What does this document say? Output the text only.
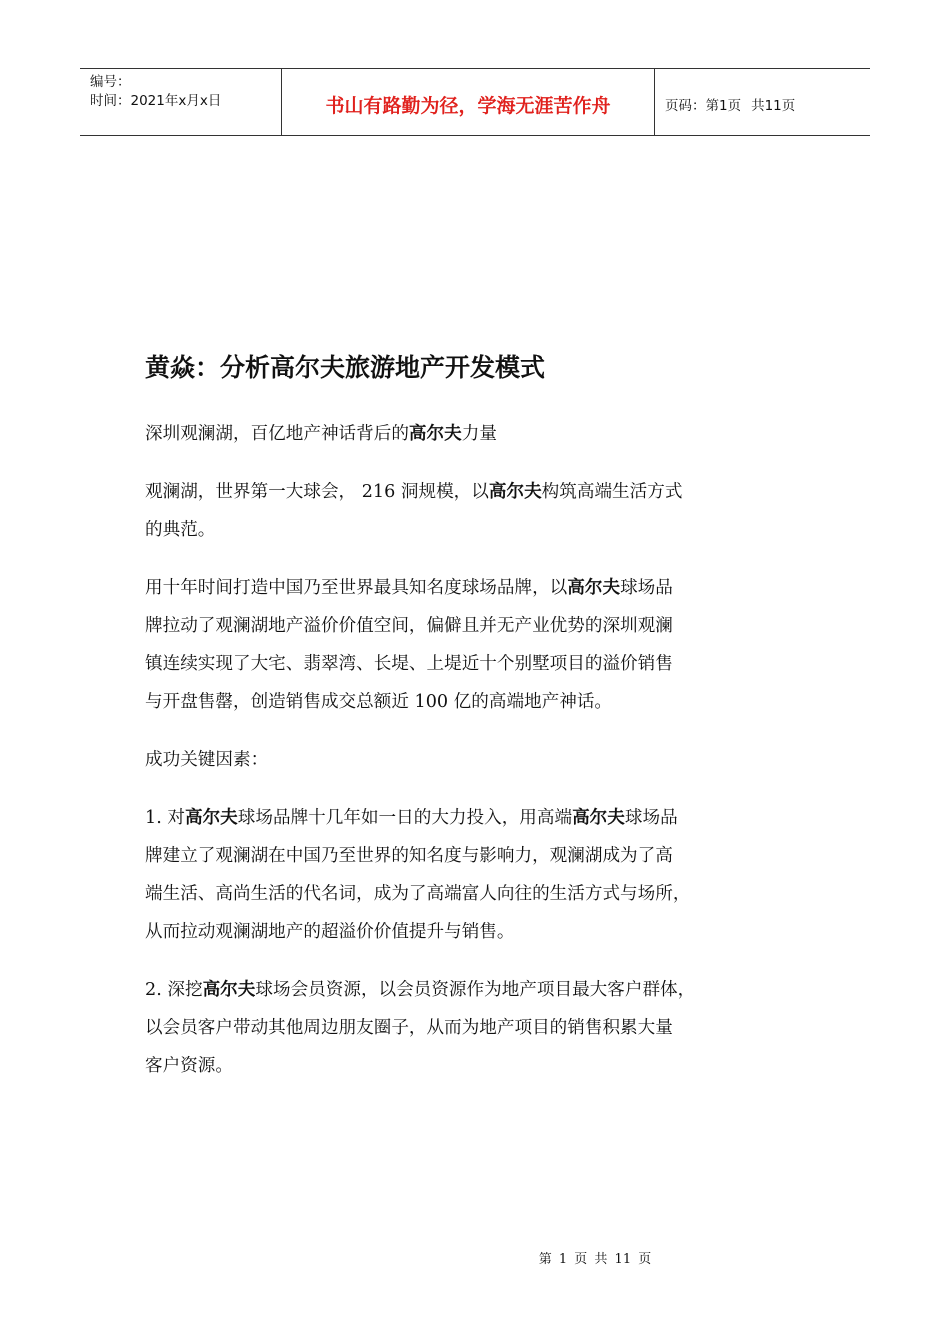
编号：
时间：2021年x月x日	书山有路勤为径，学海无涯苦作舟	页码：第1页 共11页
黄焱：分析高尔夫旅游地产开发模式

深圳观澜湖，百亿地产神话背后的高尔夫力量

观澜湖，世界第一大球会， 216 洞规模，以高尔夫构筑高端生活方式
的典范。

用十年时间打造中国乃至世界最具知名度球场品牌，以高尔夫球场品
牌拉动了观澜湖地产溢价价值空间，偏僻且并无产业优势的深圳观澜
镇连续实现了大宅、翡翠湾、长堤、上堤近十个别墅项目的溢价销售
与开盘售罄，创造销售成交总额近 100 亿的高端地产神话。

成功关键因素：

1. 对高尔夫球场品牌十几年如一日的大力投入，用高端高尔夫球场品
牌建立了观澜湖在中国乃至世界的知名度与影响力，观澜湖成为了高
端生活、高尚生活的代名词，成为了高端富人向往的生活方式与场所，
从而拉动观澜湖地产的超溢价价值提升与销售。

2. 深挖高尔夫球场会员资源，以会员资源作为地产项目最大客户群体，
以会员客户带动其他周边朋友圈子，从而为地产项目的销售积累大量
客户资源。

第 1 页 共 11 页
